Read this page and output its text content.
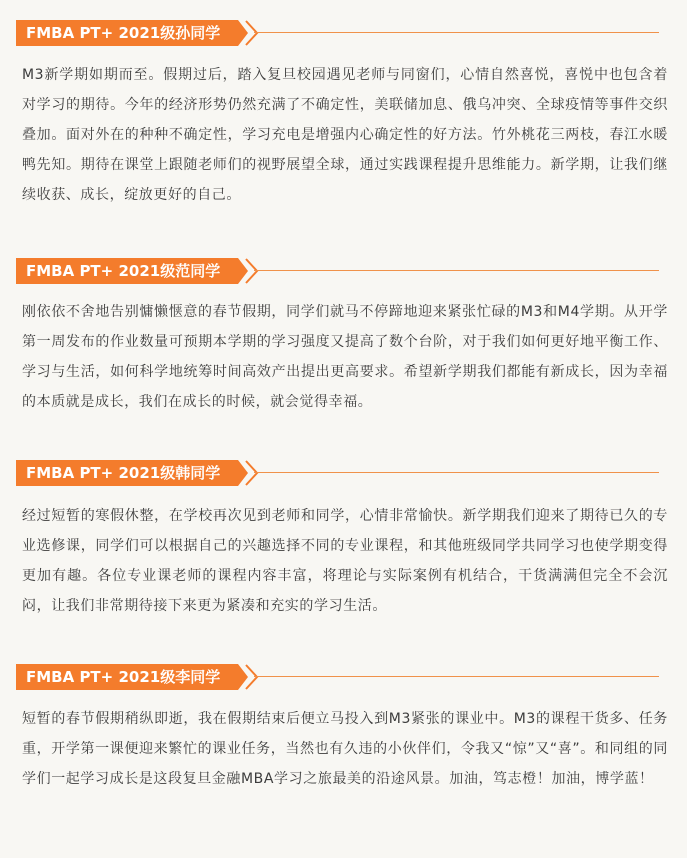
FMBA PT+ 2021级孙同学
M3新学期如期而至。假期过后，踏入复旦校园遇见老师与同窗们，心情自然喜悦，喜悦中也包含着对学习的期待。今年的经济形势仍然充满了不确定性，美联储加息、俄乌冲突、全球疫情等事件交织叠加。面对外在的种种不确定性，学习充电是增强内心确定性的好方法。竹外桃花三两枝，春江水暖鸭先知。期待在课堂上跟随老师们的视野展望全球，通过实践课程提升思维能力。新学期，让我们继续收获、成长，绽放更好的自己。
FMBA PT+ 2021级范同学
刚依依不舍地告别慵懒惬意的春节假期，同学们就马不停蹄地迎来紧张忙碌的M3和M4学期。从开学第一周发布的作业数量可预期本学期的学习强度又提高了数个台阶，对于我们如何更好地平衡工作、学习与生活，如何科学地统筹时间高效产出提出更高要求。希望新学期我们都能有新成长，因为幸福的本质就是成长，我们在成长的时候，就会觉得幸福。
FMBA PT+ 2021级韩同学
经过短暂的寒假休整，在学校再次见到老师和同学，心情非常愉快。新学期我们迎来了期待已久的专业选修课，同学们可以根据自己的兴趣选择不同的专业课程，和其他班级同学共同学习也使学期变得更加有趣。各位专业课老师的课程内容丰富，将理论与实际案例有机结合，干货满满但完全不会沉闷，让我们非常期待接下来更为紧凑和充实的学习生活。
FMBA PT+ 2021级李同学
短暂的春节假期稍纵即逝，我在假期结束后便立马投入到M3紧张的课业中。M3的课程干货多、任务重，开学第一课便迎来繁忙的课业任务，当然也有久违的小伙伴们，令我又“惊”又“喜”。和同组的同学们一起学习成长是这段复旦金融MBA学习之旅最美的沿途风景。加油，笃志橙！加油，博学蓝！
